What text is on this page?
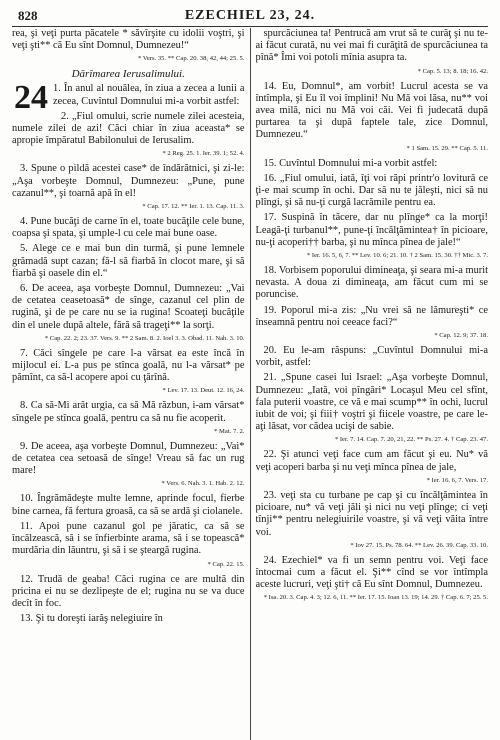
828	EZECHIEL 23, 24.

rea, şi veţi purta păcatele * săvîrşite cu idolii voştri, şi veţi şti** că Eu sînt Domnul, Dumnezeu!“

* Vers. 35. ** Cap. 20. 38, 42, 44; 25. 5.

Dărîmarea Ierusalimului.

24 1. În anul al nouălea, în ziua a zecea a lunii a zecea, Cuvîntul Domnului mi-a vorbit astfel:

2. „Fiul omului, scrie numele zilei acesteia, numele zilei de azi! Căci chiar în ziua aceasta* se apropie împăratul Babilonului de Ierusalim.

* 2 Reg. 25. 1. Ier. 39. 1; 52. 4.

3. Spune o pildă acestei case* de îndărătnici, şi zi-le: „Aşa vorbeşte Domnul, Dumnezeu: „Pune, pune cazanul**, şi toarnă apă în el!

* Cap. 17. 12. ** Ier. 1. 13. Cap. 11. 3.

4. Pune bucăţi de carne în el, toate bucăţile cele bune, coapsa şi spata, şi umple-l cu cele mai bune oase.

5. Alege ce e mai bun din turmă, şi pune lemnele grămadă supt cazan; fă-l să fiarbă în clocot mare, şi să fiarbă şi oasele din el.“

6. De aceea, aşa vorbeşte Domnul, Dumnezeu: „Vai de cetatea ceasetoasă* de sînge, cazanul cel plin de rugină, şi de pe care nu se ia rugina! Scoateţi bucăţile din el unele după altele, fără să trageţi** la sorţi.

* Cap. 22. 2; 23. 37. Vers. 9. ** 2 Sam. 8. 2. Ioel 3. 3. Obad. 11. Nah. 3. 10.

7. Căci sîngele pe care l-a vărsat ea este încă în mijlocul ei. L-a pus pe stînca goală, nu l-a vărsat* pe pămînt, ca să-l acopere apoi cu ţărînă.

* Lev. 17. 13. Deut. 12. 16, 24.

8. Ca să-Mi arăt urgia, ca să Mă răzbun, i-am vărsat* sîngele pe stînca goală, pentru ca să nu fie acoperit.

* Mat. 7. 2.

9. De aceea, aşa vorbeşte Domnul, Dumnezeu: „Vai* de cetatea cea setoasă de sînge! Vreau să fac un rug mare!

* Vers. 6. Nah. 3. 1. Hab. 2. 12.

10. Îngrămădeşte multe lemne, aprinde focul, fierbe bine carnea, fă fertura groasă, ca să se ardă şi ciolanele.

11. Apoi pune cazanul gol pe jăratic, ca să se încălzească, să i se înfierbinte arama, să i se topească* murdăria din lăuntru, şi să i se şteargă rugina.

* Cap. 22. 15.

12. Trudă de geaba! Căci rugina ce are multă din pricina ei nu se dezlipeşte de el; rugina nu se va duce decît în foc.

13. Şi tu doreşti iarăş nelegiuire în

spurcăciunea ta! Pentrucă am vrut să te curăţ şi nu te-ai făcut curată, nu vei mai fi curăţită de spurcăciunea ta pînă* Îmi voi potoli mînia asupra ta.

* Cap. 5. 13; 8. 18; 16. 42.

14. Eu, Domnul*, am vorbit! Lucrul acesta se va întîmpla, şi Eu îl voi împlini! Nu Mă voi lăsa, nu** voi avea milă, nici nu Mă voi căi. Vei fi judecată după purtarea ta şi după faptele tale, zice Domnul, Dumnezeu.“

* 1 Sam. 15. 29. ** Cap. 5. 11.

15. Cuvîntul Domnului mi-a vorbit astfel:

16. „Fiul omului, iată, îţi voi răpi printr'o lovitură ce ţi-e mai scump în ochi. Dar să nu te jăleşti, nici să nu plîngi, şi să nu-ţi curgă lacrămile pentru ea.

17. Suspină în tăcere, dar nu plînge* ca la morţi! Leagă-ţi turbanul**, pune-ţi încălţămintea† în picioare, nu-ţi acoperi†† barba, şi nu mînca pînea de jale!“

* Ier. 16. 5, 6, 7. ** Lev. 10. 6; 21. 10. † 2 Sam. 15. 30. †† Mic. 3. 7.

18. Vorbisem poporului dimineaţa, şi seara mi-a murit nevasta. A doua zi dimineaţa, am făcut cum mi se poruncise.

19. Poporul mi-a zis: „Nu vrei să ne lămureşti* ce înseamnă pentru noi ceeace faci?“

* Cap. 12. 9; 37. 18.

20. Eu le-am răspuns: „Cuvîntul Domnului mi-a vorbit, astfel:

21. „Spune casei lui Israel: „Aşa vorbeşte Domnul, Dumnezeu: „Iată, voi pîngări* Locaşul Meu cel sfînt, fala puterii voastre, ce vă e mai scump** în ochi, lucrul iubit de voi; şi fiii† voştri şi fiicele voastre, pe care le-aţi lăsat, vor cădea ucişi de sabie.

* Ier. 7. 14. Cap. 7. 20, 21, 22. ** Ps. 27. 4. † Cap. 23. 47.

22. Şi atunci veţi face cum am făcut şi eu. Nu* vă veţi acoperi barba şi nu veţi mînca pînea de jale,

* Ier. 16. 6, 7. Vers. 17.

23. veţi sta cu turbane pe cap şi cu încălţămintea în picioare, nu* vă veţi jăli şi nici nu veţi plînge; ci veţi tînji** pentru nelegiuirile voastre, şi vă veţi văita între voi.

* Iov 27. 15. Ps. 78. 64. ** Lev. 26. 39. Cap. 33. 10.

24. Ezechiel* va fi un semn pentru voi. Veţi face întocmai cum a făcut el. Şi** cînd se vor întîmpla aceste lucruri, veţi şti† că Eu sînt Domnul, Dumnezeu.

* Isa. 20. 3. Cap. 4. 3; 12. 6, 11. ** Ier. 17. 15. Ioan 13. 19; 14. 29. † Cap. 6. 7; 25. 5.
